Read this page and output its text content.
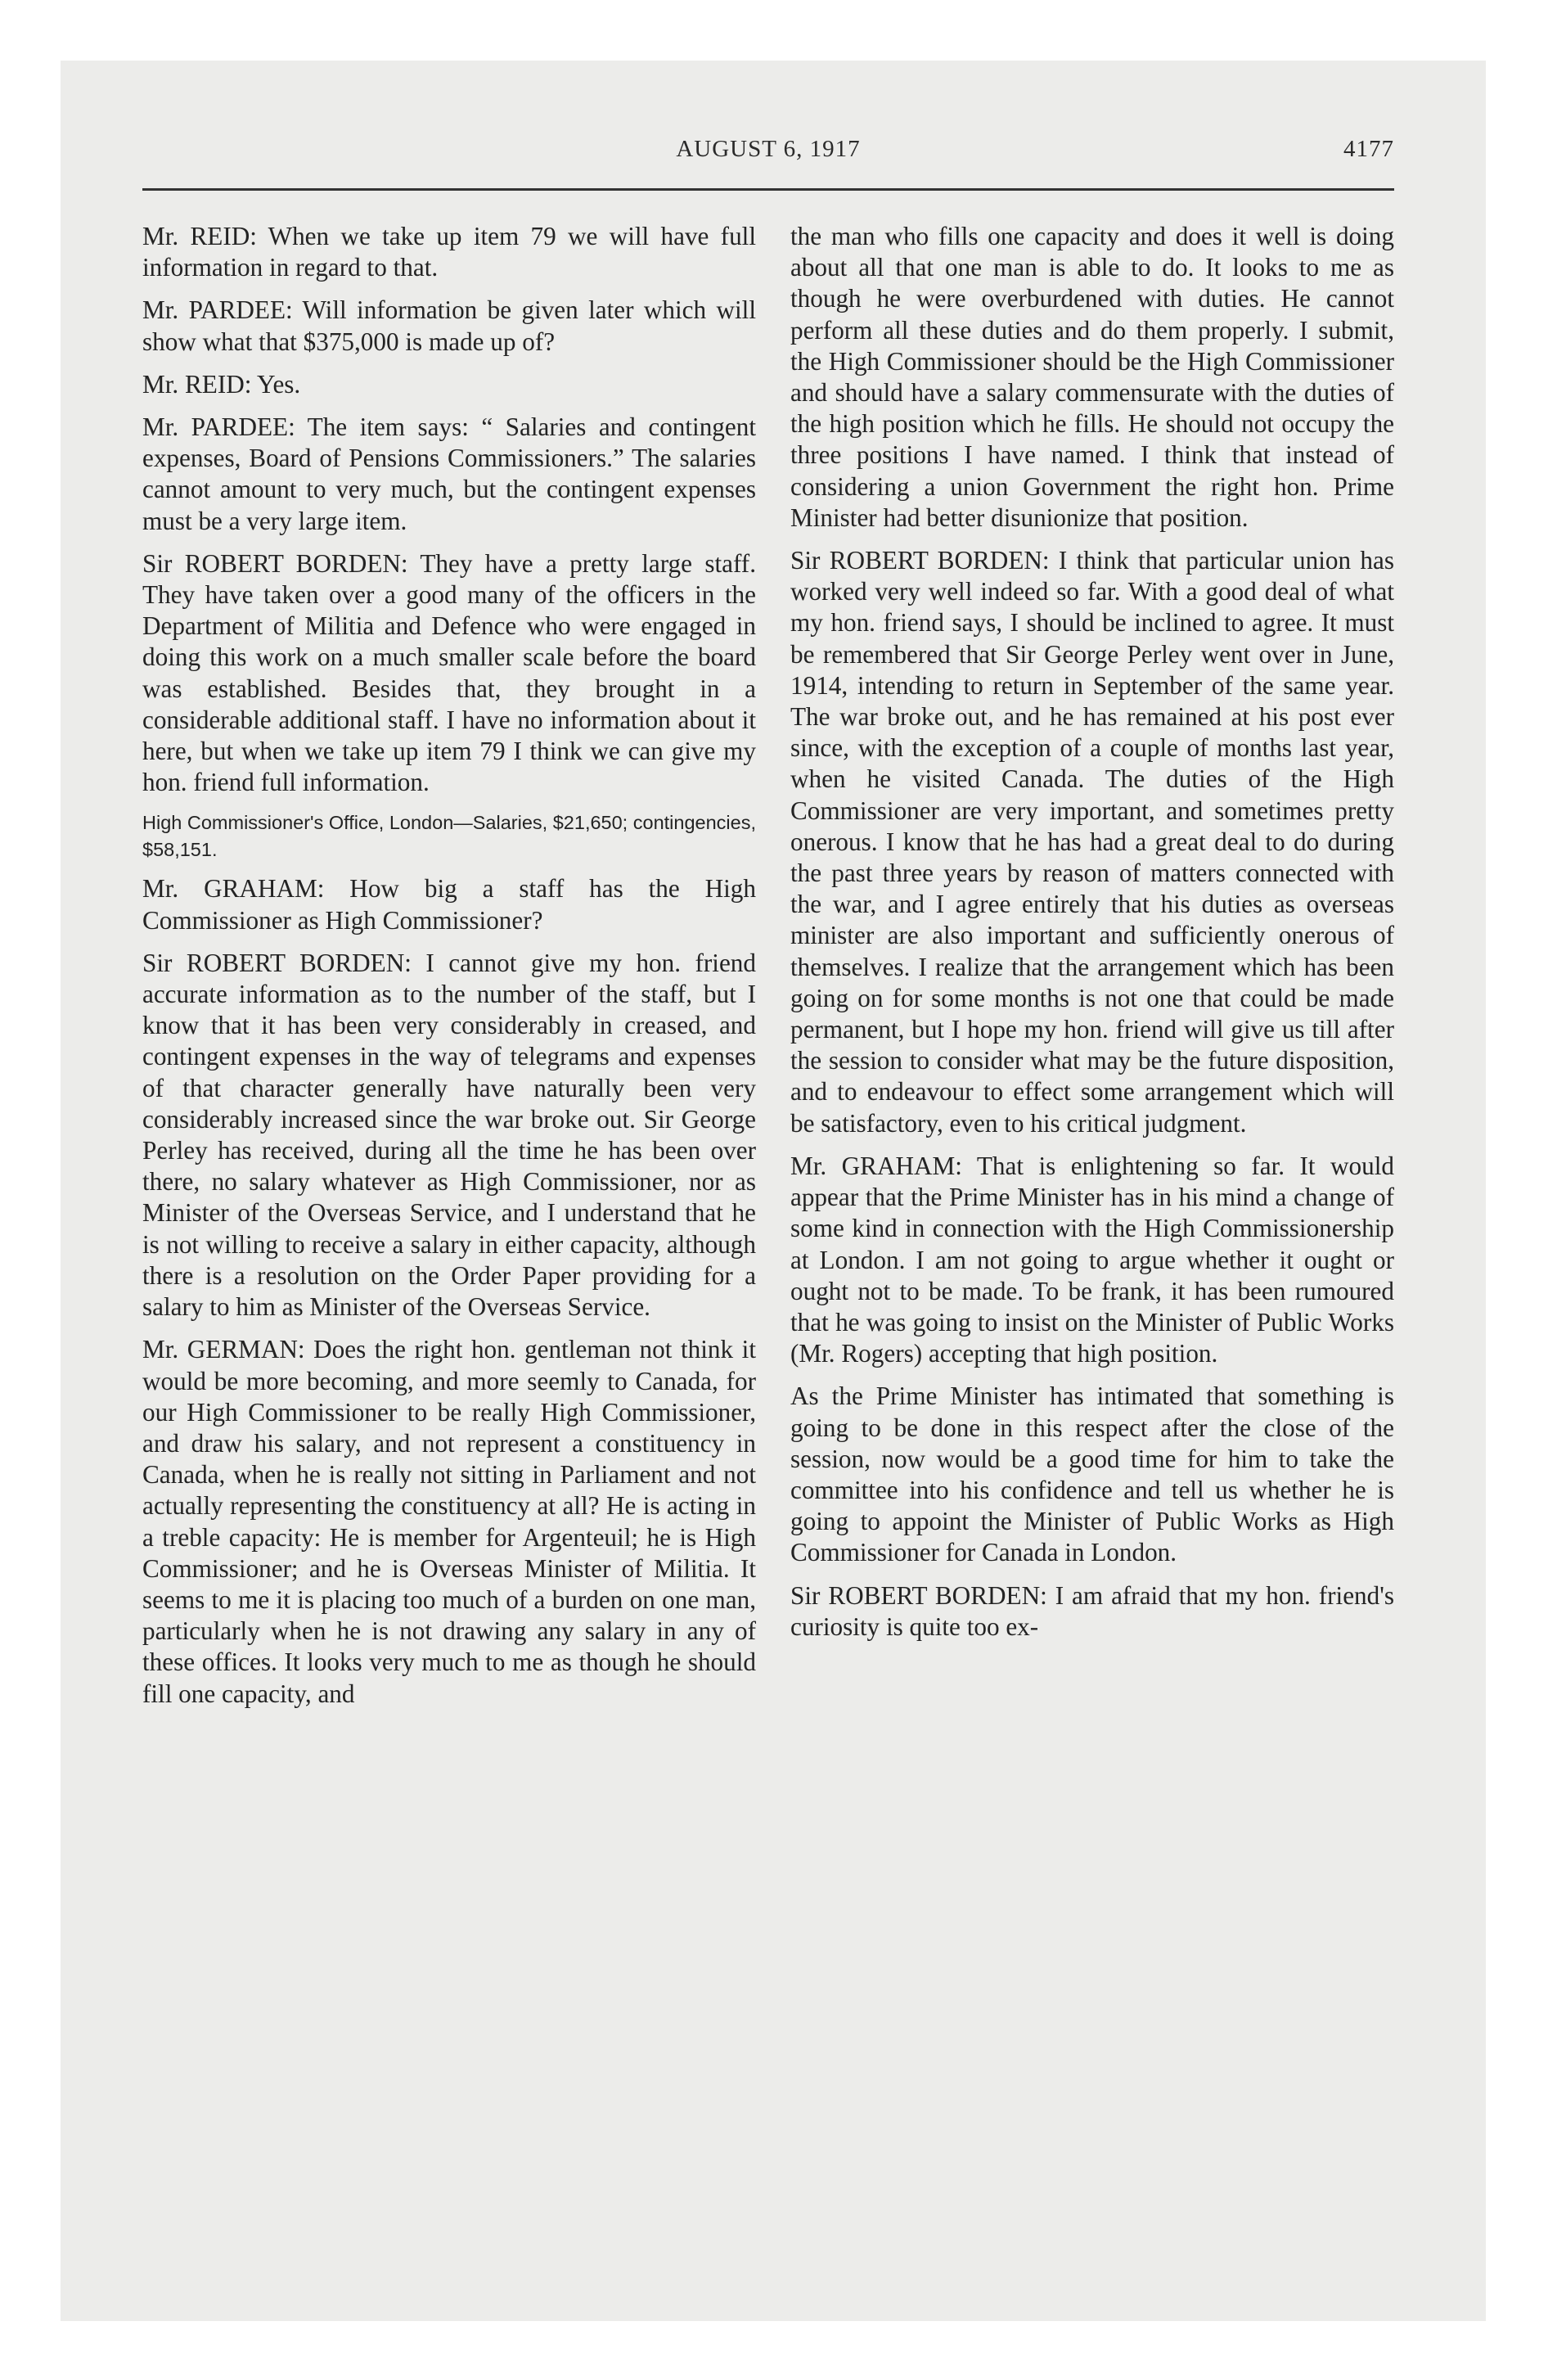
AUGUST 6, 1917	4177

Mr. REID: When we take up item 79 we will have full information in regard to that.

Mr. PARDEE: Will information be given later which will show what that $375,000 is made up of?

Mr. REID: Yes.

Mr. PARDEE: The item says: “ Salaries and contingent expenses, Board of Pensions Commissioners.” The salaries cannot amount to very much, but the contingent expenses must be a very large item.

Sir ROBERT BORDEN: They have a pretty large staff. They have taken over a good many of the officers in the Department of Militia and Defence who were engaged in doing this work on a much smaller scale before the board was established. Besides that, they brought in a considerable additional staff. I have no information about it here, but when we take up item 79 I think we can give my hon. friend full information.

High Commissioner's Office, London—Salaries, $21,650; contingencies, $58,151.

Mr. GRAHAM: How big a staff has the High Commissioner as High Commissioner?

Sir ROBERT BORDEN: I cannot give my hon. friend accurate information as to the number of the staff, but I know that it has been very considerably in creased, and contingent expenses in the way of telegrams and expenses of that character generally have naturally been very considerably increased since the war broke out. Sir George Perley has received, during all the time he has been over there, no salary whatever as High Commissioner, nor as Minister of the Overseas Service, and I understand that he is not willing to receive a salary in either capacity, although there is a resolution on the Order Paper providing for a salary to him as Minister of the Overseas Service.

Mr. GERMAN: Does the right hon. gentleman not think it would be more becoming, and more seemly to Canada, for our High Commissioner to be really High Commissioner, and draw his salary, and not represent a constituency in Canada, when he is really not sitting in Parliament and not actually representing the constituency at all? He is acting in a treble capacity: He is member for Argenteuil; he is High Commissioner; and he is Overseas Minister of Militia. It seems to me it is placing too much of a burden on one man, particularly when he is not drawing any salary in any of these offices. It looks very much to me as though he should fill one capacity, and

the man who fills one capacity and does it well is doing about all that one man is able to do. It looks to me as though he were overburdened with duties. He cannot perform all these duties and do them properly. I submit, the High Commissioner should be the High Commissioner and should have a salary commensurate with the duties of the high position which he fills. He should not occupy the three positions I have named. I think that instead of considering a union Government the right hon. Prime Minister had better disunionize that position.

Sir ROBERT BORDEN: I think that particular union has worked very well indeed so far. With a good deal of what my hon. friend says, I should be inclined to agree. It must be remembered that Sir George Perley went over in June, 1914, intending to return in September of the same year. The war broke out, and he has remained at his post ever since, with the exception of a couple of months last year, when he visited Canada. The duties of the High Commissioner are very important, and sometimes pretty onerous. I know that he has had a great deal to do during the past three years by reason of matters connected with the war, and I agree entirely that his duties as overseas minister are also important and sufficiently onerous of themselves. I realize that the arrangement which has been going on for some months is not one that could be made permanent, but I hope my hon. friend will give us till after the session to consider what may be the future disposition, and to endeavour to effect some arrangement which will be satisfactory, even to his critical judgment.

Mr. GRAHAM: That is enlightening so far. It would appear that the Prime Minister has in his mind a change of some kind in connection with the High Commissionership at London. I am not going to argue whether it ought or ought not to be made. To be frank, it has been rumoured that he was going to insist on the Minister of Public Works (Mr. Rogers) accepting that high position.

As the Prime Minister has intimated that something is going to be done in this respect after the close of the session, now would be a good time for him to take the committee into his confidence and tell us whether he is going to appoint the Minister of Public Works as High Commissioner for Canada in London.

Sir ROBERT BORDEN: I am afraid that my hon. friend's curiosity is quite too ex-
